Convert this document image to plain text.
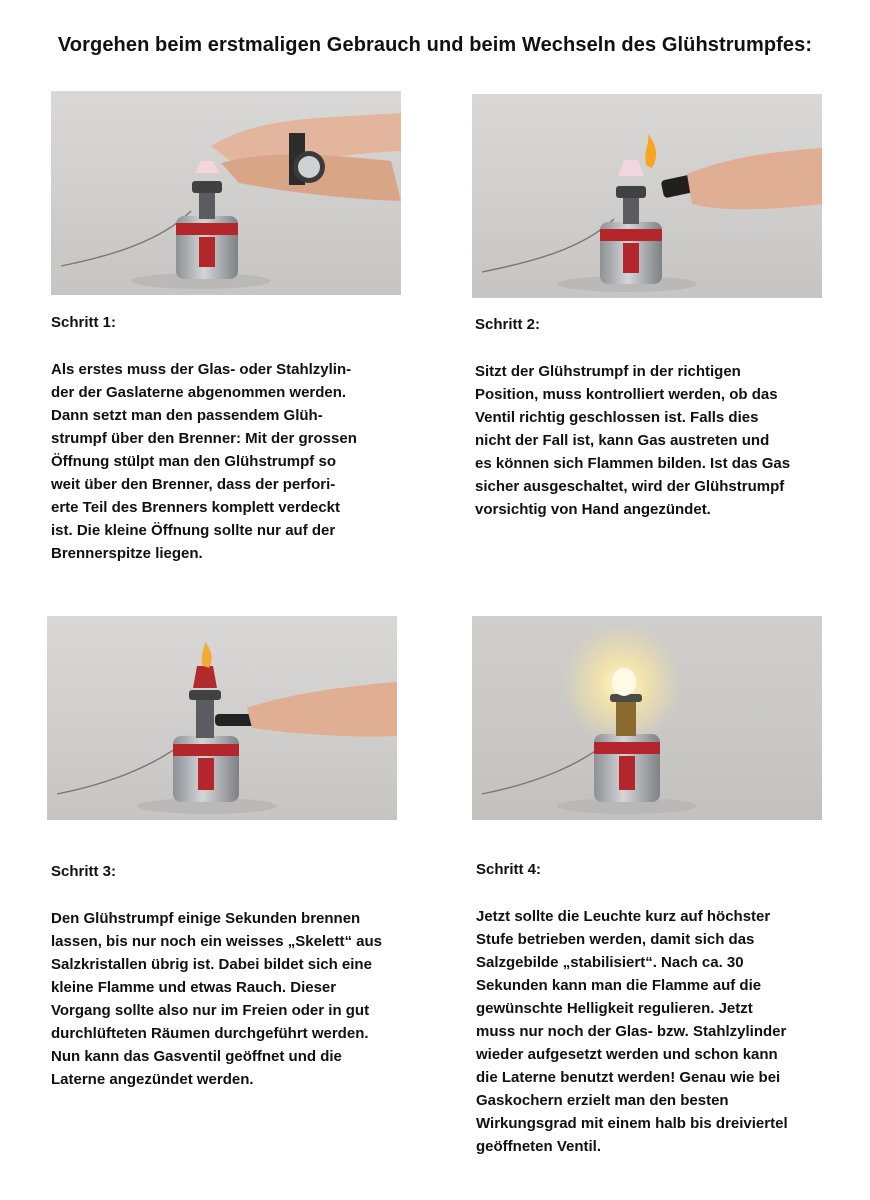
Vorgehen beim erstmaligen Gebrauch und beim Wechseln des Glühstrumpfes:
Schritt 1:
Als erstes muss der Glas- oder Stahlzylin-
der der Gaslaterne abgenommen werden.
Dann setzt man den passendem Glüh-
strumpf über den Brenner: Mit der grossen
Öffnung stülpt man den Glühstrumpf so
weit über den Brenner, dass der perfori-
erte Teil des Brenners komplett verdeckt
ist. Die kleine Öffnung sollte nur auf der
Brennerspitze liegen.
Schritt 2:
Sitzt der Glühstrumpf in der richtigen
Position, muss kontrolliert werden, ob das
Ventil richtig geschlossen ist. Falls dies
nicht der Fall ist, kann Gas austreten und
es können sich Flammen bilden. Ist das Gas
sicher ausgeschaltet, wird der Glühstrumpf
vorsichtig von Hand angezündet.
Schritt 3:
Den Glühstrumpf einige Sekunden brennen
lassen, bis nur noch ein weisses „Skelett“ aus
Salzkristallen übrig ist. Dabei bildet sich eine
kleine Flamme und etwas Rauch. Dieser
Vorgang sollte also nur im Freien oder in gut
durchlüfteten Räumen durchgeführt werden.
Nun kann das Gasventil geöffnet und die
Laterne angezündet werden.
Schritt 4:
Jetzt sollte die Leuchte kurz auf höchster
Stufe betrieben werden, damit sich das
Salzgebilde „stabilisiert“. Nach ca. 30
Sekunden kann man die Flamme auf die
gewünschte Helligkeit regulieren. Jetzt
muss nur noch der Glas- bzw. Stahlzylinder
wieder aufgesetzt werden und schon kann
die Laterne benutzt werden! Genau wie bei
Gaskochern erzielt man den besten
Wirkungsgrad mit einem halb bis dreiviertel
geöffneten Ventil.
